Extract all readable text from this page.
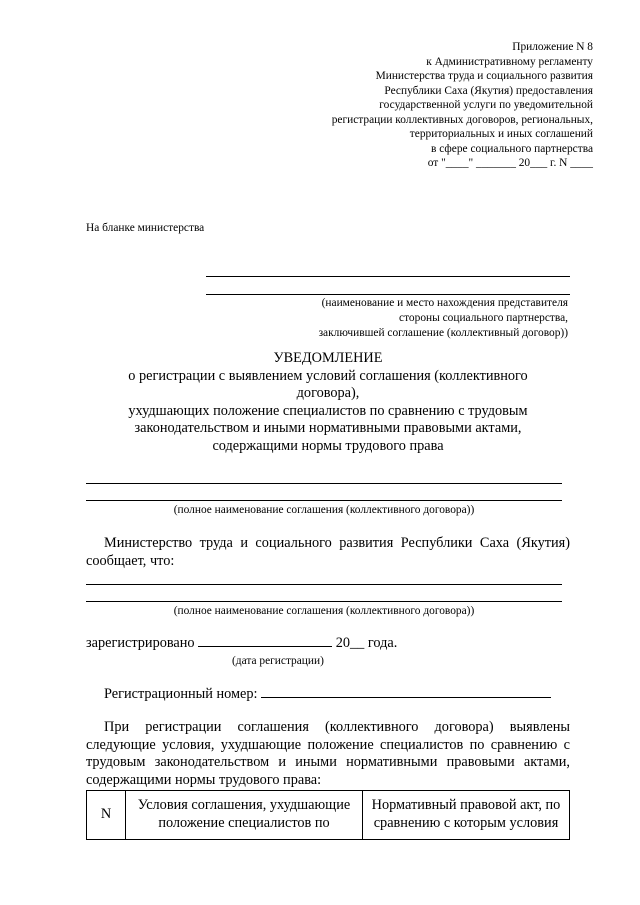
Приложение N 8
к Административному регламенту
Министерства труда и социального развития
Республики Саха (Якутия) предоставления
государственной услуги по уведомительной
регистрации коллективных договоров, региональных,
территориальных и иных соглашений
в сфере социального партнерства
от "____" _______ 20___ г. N ____
На бланке министерства
(наименование и место нахождения представителя
стороны социального партнерства,
заключившей соглашение (коллективный договор))
УВЕДОМЛЕНИЕ
о регистрации с выявлением условий соглашения (коллективного
договора),
ухудшающих положение специалистов по сравнению с трудовым
законодательством и иными нормативными правовыми актами,
содержащими нормы трудового права
(полное наименование соглашения (коллективного договора))
Министерство труда и социального развития Республики Саха (Якутия) сообщает, что:
(полное наименование соглашения (коллективного договора))
зарегистрировано	20__ года.
(дата регистрации)
Регистрационный номер:
При регистрации соглашения (коллективного договора) выявлены следующие условия, ухудшающие положение специалистов по сравнению с трудовым законодательством и иными нормативными правовыми актами, содержащими нормы трудового права:
N	Условия соглашения, ухудшающие положение специалистов по	Нормативный правовой акт, по сравнению с которым условия
